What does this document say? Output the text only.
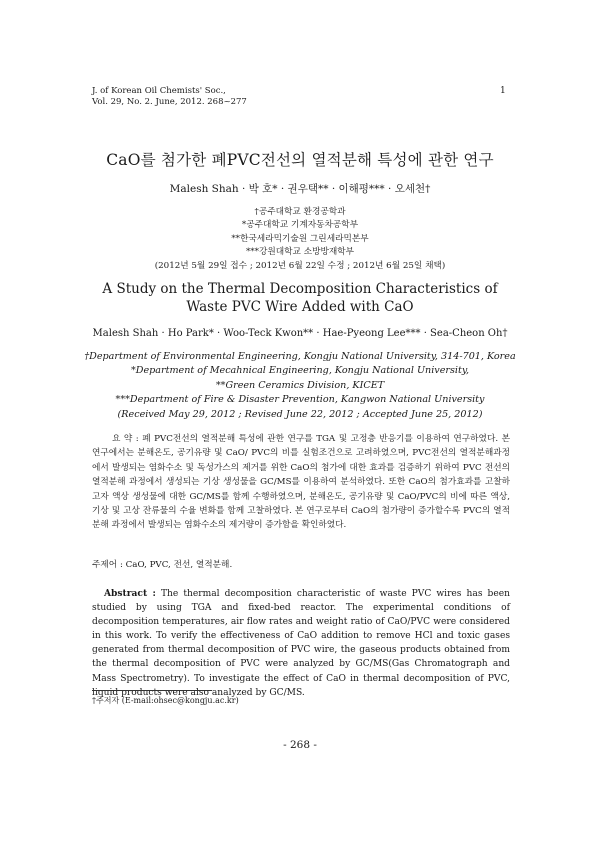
J. of Korean Oil Chemists' Soc.,
Vol. 29, No. 2. June, 2012. 268~277
1
CaO를 첨가한 폐PVC전선의 열적분해 특성에 관한 연구
Malesh Shah · 박 호* · 권우택** · 이해평*** · 오세천†
†공주대학교 환경공학과
*공주대학교 기계자동차공학부
**한국세라믹기술원 그린세라믹본부
***강원대학교 소방방재학부
(2012년 5월 29일 접수 ; 2012년 6월 22일 수정 ; 2012년 6월 25일 채택)
A Study on the Thermal Decomposition Characteristics of
Waste PVC Wire Added with CaO
Malesh Shah · Ho Park* · Woo-Teck Kwon** · Hae-Pyeong Lee*** · Sea-Cheon Oh†
†Department of Environmental Engineering, Kongju National University, 314-701, Korea
*Department of Mecahnical Engineering, Kongju National University,
**Green Ceramics Division, KICET
***Department of Fire & Disaster Prevention, Kangwon National University
(Received May 29, 2012 ; Revised June 22, 2012 ; Accepted June 25, 2012)
요 약 : 폐 PVC전선의 열적분해 특성에 관한 연구를 TGA 및 고정층 반응기를 이용하여 연구하였다. 본 연구에서는 분해온도, 공기유량 및 CaO/ PVC의 비를 실험조건으로 고려하였으며, PVC전선의 열적분해과정에서 발생되는 염화수소 및 독성가스의 제거를 위한 CaO의 첨가에 대한 효과를 검증하기 위하여 PVC 전선의 열적분해 과정에서 생성되는 기상 생성물을 GC/MS를 이용하여 분석하였다. 또한 CaO의 첨가효과를 고찰하고자 액상 생성물에 대한 GC/MS를 함께 수행하였으며, 분해온도, 공기유량 및 CaO/PVC의 비에 따른 액상, 기상 및 고상 잔류물의 수율 변화를 함께 고찰하였다. 본 연구로부터 CaO의 첨가량이 증가할수록 PVC의 열적분해 과정에서 발생되는 염화수소의 제거량이 증가함을 확인하였다.
주제어 : CaO, PVC, 전선, 열적분해.
Abstract : The thermal decomposition characteristic of waste PVC wires has been studied by using TGA and fixed-bed reactor. The experimental conditions of decomposition temperatures, air flow rates and weight ratio of CaO/PVC were considered in this work. To verify the effectiveness of CaO addition to remove HCl and toxic gases generated from thermal decomposition of PVC wire, the gaseous products obtained from the thermal decomposition of PVC were analyzed by GC/MS(Gas Chromatograph and Mass Spectrometry). To investigate the effect of CaO in thermal decomposition of PVC, liquid products were also analyzed by GC/MS.
†주저자 (E-mail:ohsec@kongju.ac.kr)
- 268 -
